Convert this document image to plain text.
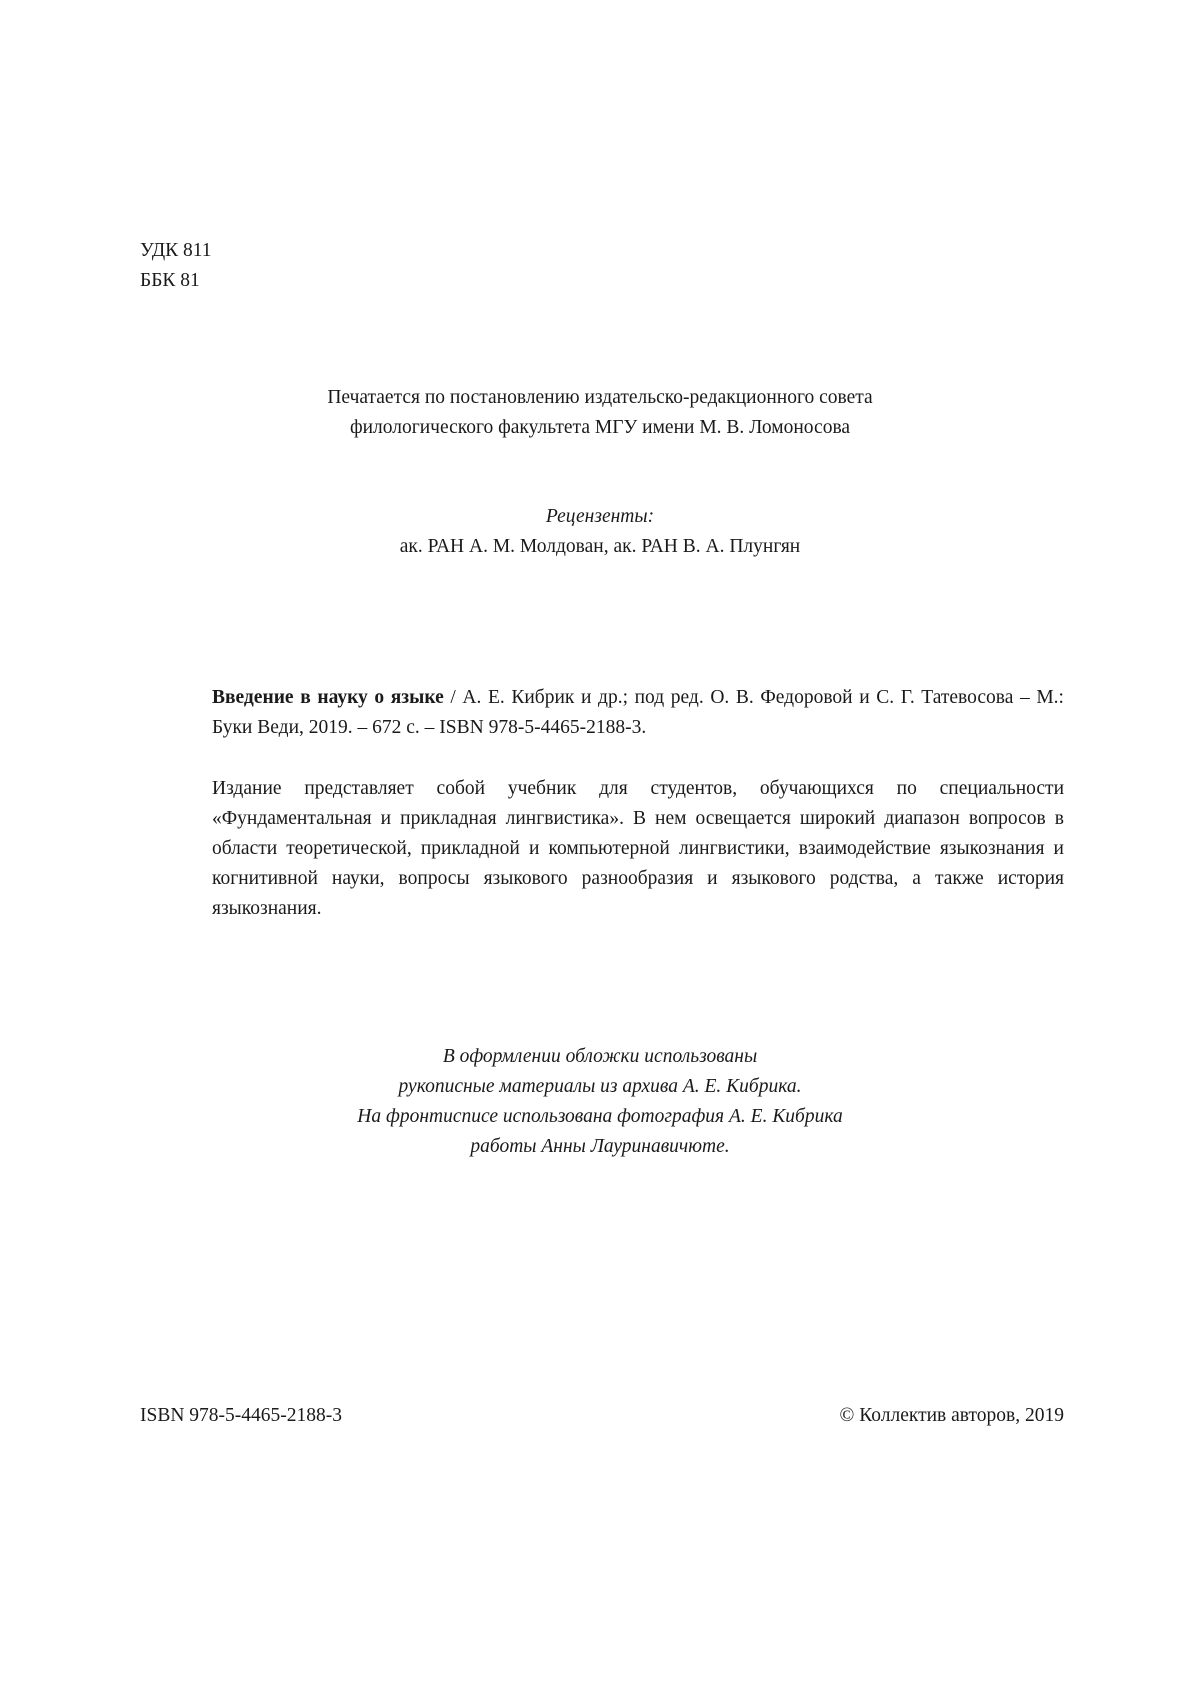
УДК 811
ББК 81
Печатается по постановлению издательско-редакционного совета
филологического факультета МГУ имени М. В. Ломоносова
Рецензенты:
ак. РАН А. М. Молдован, ак. РАН В. А. Плунгян
Введение в науку о языке / А. Е. Кибрик и др.; под ред. О. В. Федоровой и С. Г. Татевосова – М.: Буки Веди, 2019. – 672 с. – ISBN 978-5-4465-2188-3.
Издание представляет собой учебник для студентов, обучающихся по специальности «Фундаментальная и прикладная лингвистика». В нем освещается широкий диапазон вопросов в области теоретической, прикладной и компьютерной лингвистики, взаимодействие языкознания и когнитивной науки, вопросы языкового разнообразия и языкового родства, а также история языкознания.
В оформлении обложки использованы
рукописные материалы из архива А. Е. Кибрика.
На фронтисписе использована фотография А. Е. Кибрика
работы Анны Лауринавичюте.
ISBN 978-5-4465-2188-3	© Коллектив авторов, 2019
